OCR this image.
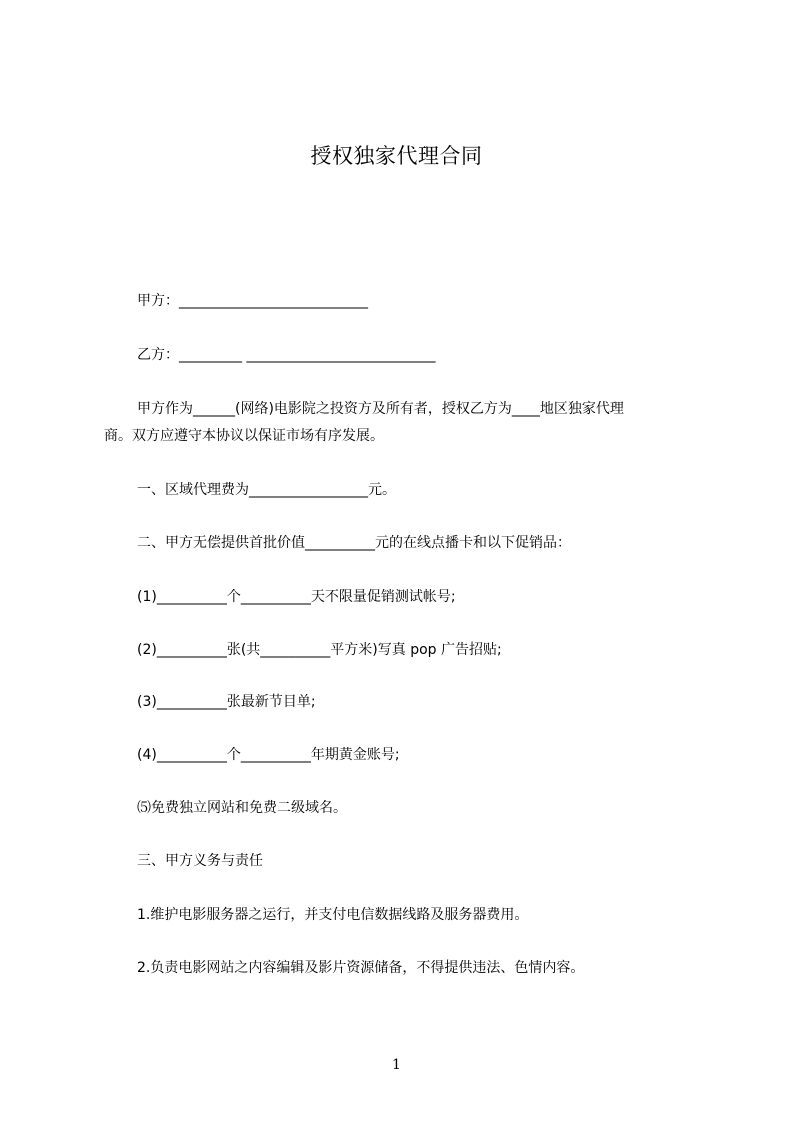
授权独家代理合同
甲方：___________________________
乙方：_________ ___________________________
甲方作为______(网络)电影院之投资方及所有者，授权乙方为____地区独家代理
商。双方应遵守本协议以保证市场有序发展。
一、区域代理费为_________________元。
二、甲方无偿提供首批价值__________元的在线点播卡和以下促销品：
(1)__________个__________天不限量促销测试帐号;
(2)__________张(共__________平方米)写真 pop 广告招贴;
(3)__________张最新节目单;
(4)__________个__________年期黄金账号;
⑸免费独立网站和免费二级域名。
三、甲方义务与责任
1.维护电影服务器之运行，并支付电信数据线路及服务器费用。
2.负责电影网站之内容编辑及影片资源储备，不得提供违法、色情内容。
1
